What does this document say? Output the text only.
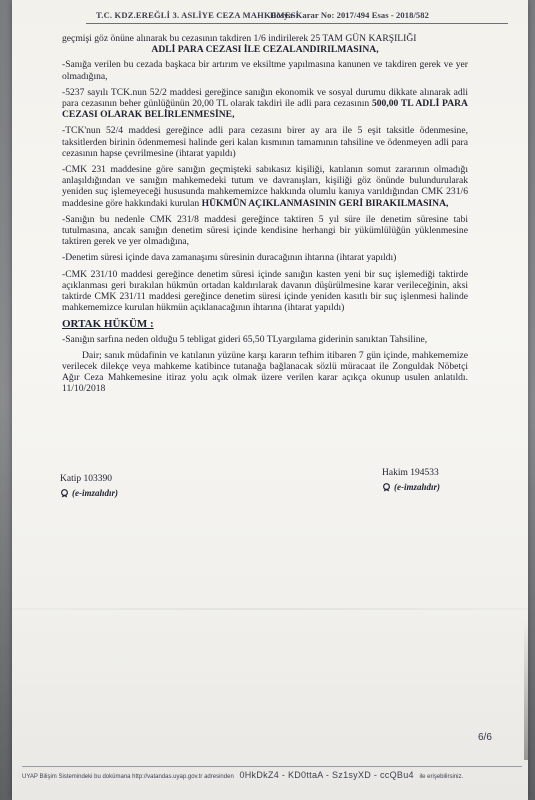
T.C. KDZ.EREĞLİ 3. ASLİYE CEZA MAHKEMESİ
Dosya-Karar No: 2017/494 Esas - 2018/582

geçmişi göz önüne alınarak bu cezasının takdiren 1/6 indirilerek 25 TAM GÜN KARŞILIĞI

ADLİ PARA CEZASI İLE CEZALANDIRILMASINA,

-Sanığa verilen bu cezada başkaca bir artırım ve eksiltme yapılmasına kanunen ve takdiren gerek ve yer olmadığına,

-5237 sayılı TCK.nun 52/2 maddesi gereğince sanığın ekonomik ve sosyal durumu dikkate alınarak adli para cezasının beher günlüğünün 20,00 TL olarak takdiri ile adli para cezasının 500,00 TL ADLİ PARA CEZASI OLARAK BELİRLENMESİNE,

-TCK'nun 52/4 maddesi gereğince adli para cezasını birer ay ara ile 5 eşit taksitle ödenmesine, taksitlerden birinin ödenmemesi halinde geri kalan kısmının tamamının tahsiline ve ödenmeyen adli para cezasının hapse çevrilmesine (ihtarat yapıldı)

-CMK 231 maddesine göre sanığın geçmişteki sabıkasız kişiliği, katılanın somut zararının olmadığı anlaşıldığından ve sanığın mahkemedeki tutum ve davranışları, kişiliği göz önünde bulundurularak yeniden suç işlemeyeceği hususunda mahkememizce hakkında olumlu kanıya varıldığından CMK 231/6 maddesine göre hakkındaki kurulan HÜKMÜN AÇIKLANMASININ GERİ BIRAKILMASINA,

-Sanığın bu nedenle CMK 231/8 maddesi gereğince taktiren 5 yıl süre ile denetim süresine tabi tutulmasına, ancak sanığın denetim süresi içinde kendisine herhangi bir yükümlülüğün yüklenmesine taktiren gerek ve yer olmadığına,

-Denetim süresi içinde dava zamanaşımı süresinin duracağının ihtarına (ihtarat yapıldı)

-CMK 231/10 maddesi gereğince denetim süresi içinde sanığın kasten yeni bir suç işlemediği taktirde açıklanması geri bırakılan hükmün ortadan kaldırılarak davanın düşürülmesine karar verileceğinin, aksi taktirde CMK 231/11 maddesi gereğince denetim süresi içinde yeniden kasıtlı bir suç işlenmesi halinde mahkememizce kurulan hükmün açıklanacağının ihtarına (ihtarat yapıldı)

ORTAK HÜKÜM :

-Sanığın sarfına neden olduğu 5 tebligat gideri 65,50 TLyargılama giderinin sanıktan Tahsiline,

Dair; sanık müdafinin ve katılanın yüzüne karşı kararın tefhim itibaren 7 gün içinde, mahkememize verilecek dilekçe veya mahkeme katibince tutanağa bağlanacak sözlü müracaat ile Zonguldak Nöbetçi Ağır Ceza Mahkemesine itiraz yolu açık olmak üzere verilen karar açıkça okunup usulen anlatıldı. 11/10/2018

Katip 103390
(e-imzalıdır)
Hakim 194533
(e-imzalıdır)
6/6
UYAP Bilişim Sistemindeki bu dokümana http://vatandas.uyap.gov.tr adresinden 0HkDkZ4 - KD0ttaA - Sz1syXD - ccQBu4 ile erişebilirsiniz.
